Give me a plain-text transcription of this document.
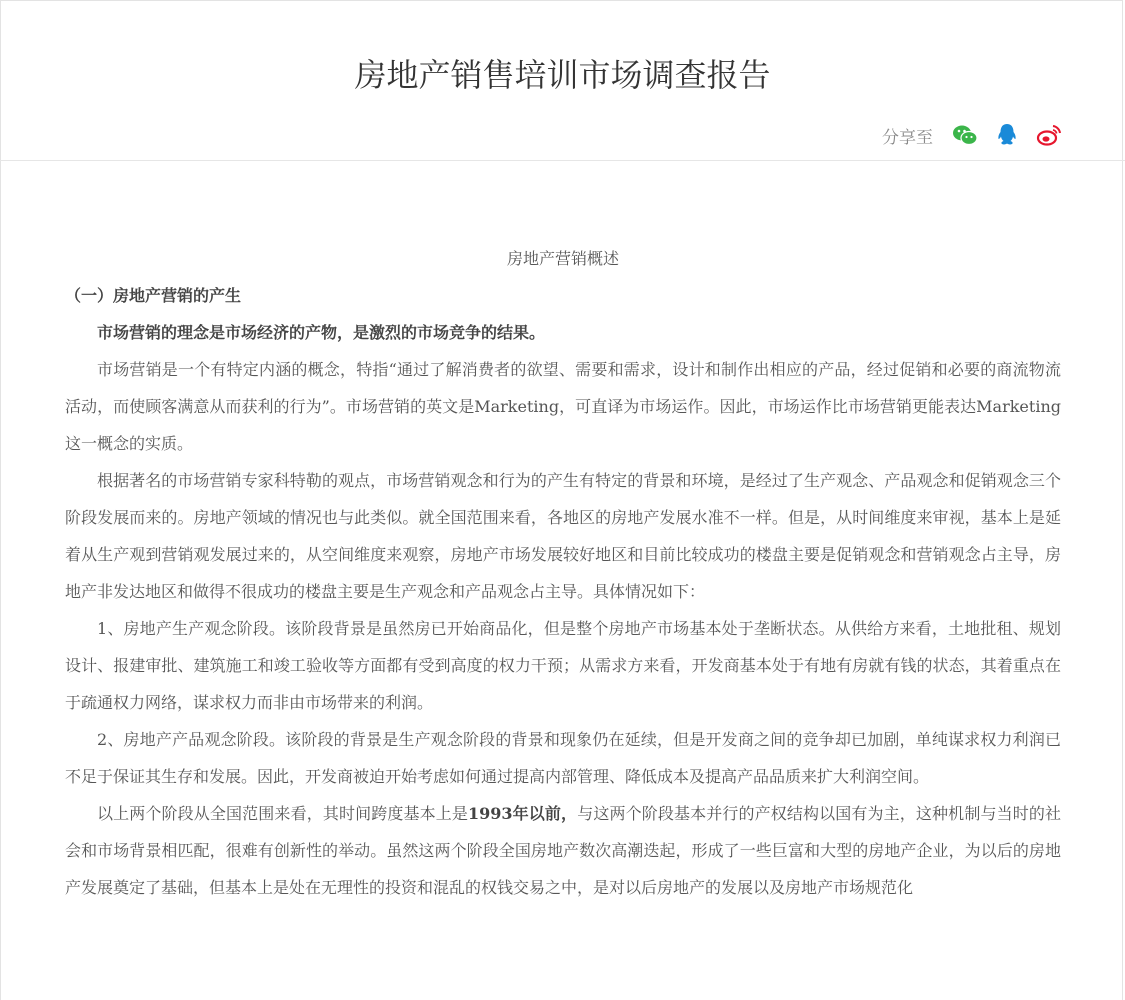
房地产销售培训市场调查报告
分享至

房地产营销概述

（一）房地产营销的产生

市场营销的理念是市场经济的产物，是激烈的市场竞争的结果。

市场营销是一个有特定内涵的概念，特指“通过了解消费者的欲望、需要和需求，设计和制作出相应的产品，经过促销和必要的商流物流活动，而使顾客满意从而获利的行为”。市场营销的英文是Marketing，可直译为市场运作。因此，市场运作比市场营销更能表达Marketing这一概念的实质。

根据著名的市场营销专家科特勒的观点，市场营销观念和行为的产生有特定的背景和环境，是经过了生产观念、产品观念和促销观念三个阶段发展而来的。房地产领域的情况也与此类似。就全国范围来看，各地区的房地产发展水准不一样。但是，从时间维度来审视，基本上是延着从生产观到营销观发展过来的，从空间维度来观察，房地产市场发展较好地区和目前比较成功的楼盘主要是促销观念和营销观念占主导，房地产非发达地区和做得不很成功的楼盘主要是生产观念和产品观念占主导。具体情况如下：

1、房地产生产观念阶段。该阶段背景是虽然房已开始商品化，但是整个房地产市场基本处于垄断状态。从供给方来看，土地批租、规划设计、报建审批、建筑施工和竣工验收等方面都有受到高度的权力干预；从需求方来看，开发商基本处于有地有房就有钱的状态，其着重点在于疏通权力网络，谋求权力而非由市场带来的利润。

2、房地产产品观念阶段。该阶段的背景是生产观念阶段的背景和现象仍在延续，但是开发商之间的竞争却已加剧，单纯谋求权力利润已不足于保证其生存和发展。因此，开发商被迫开始考虑如何通过提高内部管理、降低成本及提高产品品质来扩大利润空间。

以上两个阶段从全国范围来看，其时间跨度基本上是1993年以前，与这两个阶段基本并行的产权结构以国有为主，这种机制与当时的社会和市场背景相匹配，很难有创新性的举动。虽然这两个阶段全国房地产数次高潮迭起，形成了一些巨富和大型的房地产企业，为以后的房地产发展奠定了基础，但基本上是处在无理性的投资和混乱的权钱交易之中，是对以后房地产的发展以及房地产市场规范化
